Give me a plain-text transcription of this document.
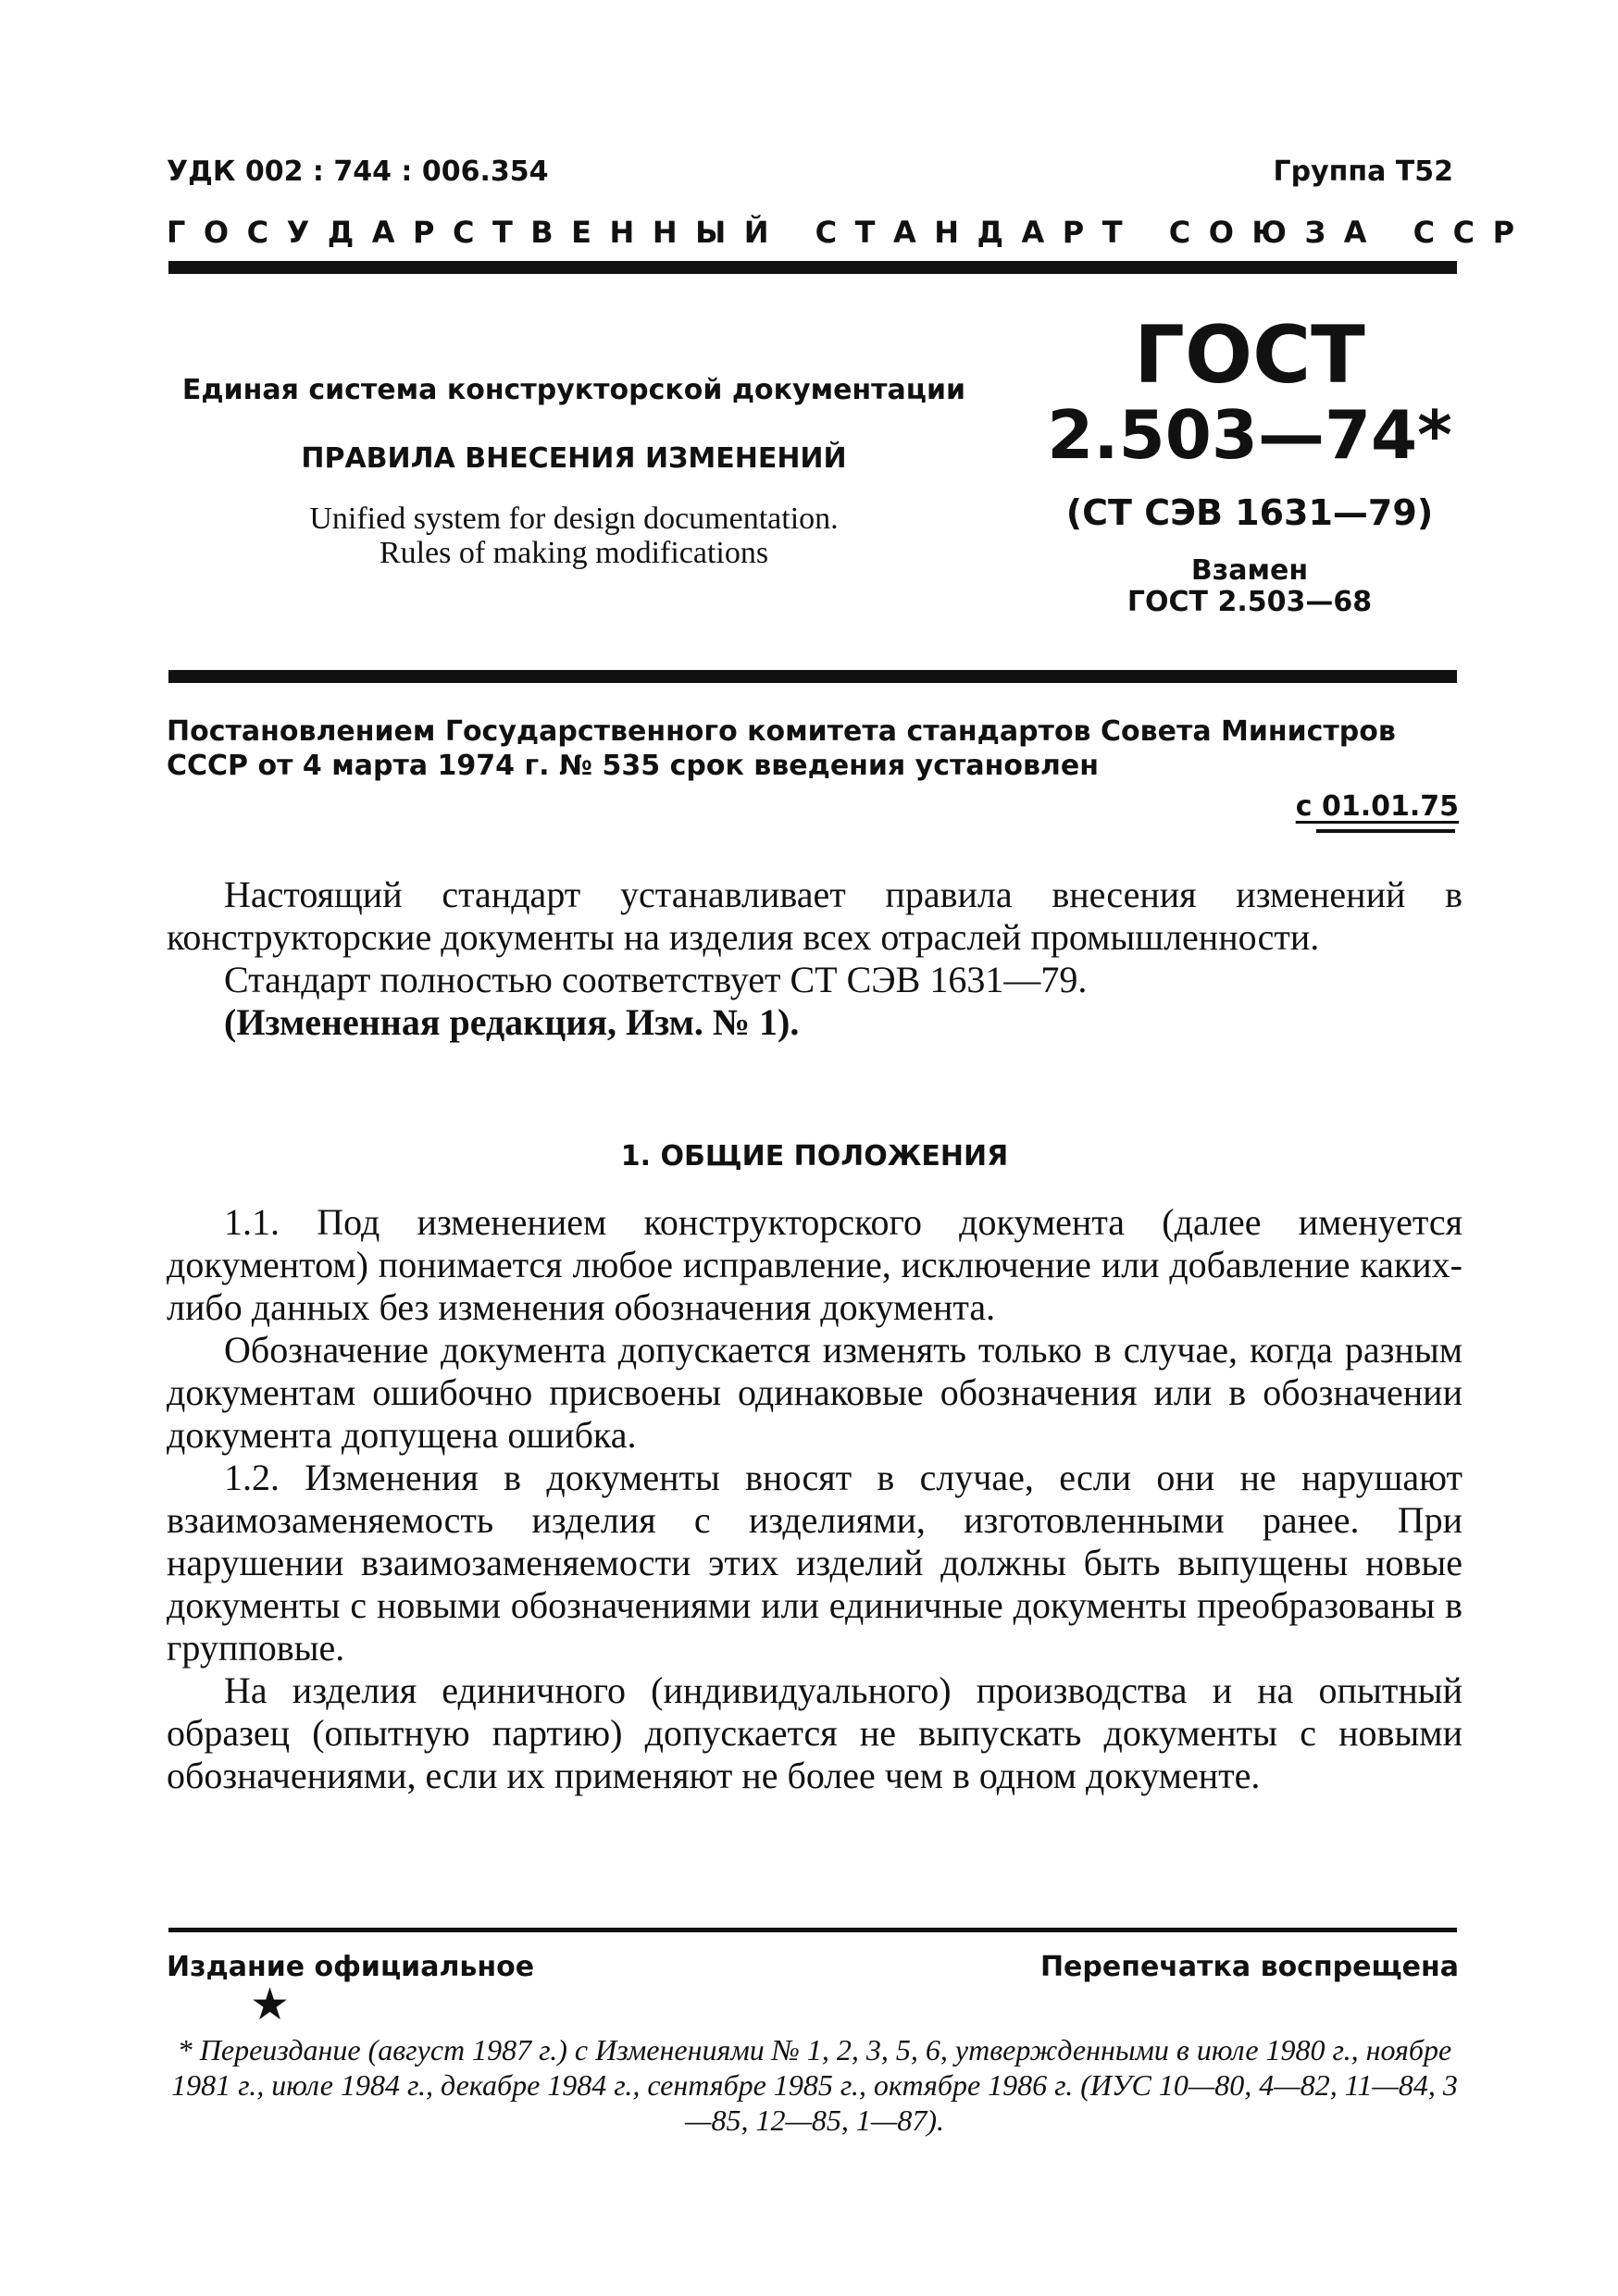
УДК 002 : 744 : 006.354	Группа Т52
ГОСУДАРСТВЕННЫЙ СТАНДАРТ СОЮЗА ССР
Единая система конструкторской документации
ПРАВИЛА ВНЕСЕНИЯ ИЗМЕНЕНИЙ
Unified system for design documentation.
Rules of making modifications
ГОСТ
2.503—74*
(СТ СЭВ 1631—79)
Взамен
ГОСТ 2.503—68
Постановлением Государственного комитета стандартов Совета Министров СССР от 4 марта 1974 г. № 535 срок введения установлен
с 01.01.75

Настоящий стандарт устанавливает правила внесения изменений в конструкторские документы на изделия всех отраслей промышленности.

Стандарт полностью соответствует СТ СЭВ 1631—79.

(Измененная редакция, Изм. № 1).

1. ОБЩИЕ ПОЛОЖЕНИЯ

1.1. Под изменением конструкторского документа (далее именуется документом) понимается любое исправление, исключение или добавление каких-либо данных без изменения обозначения документа.

Обозначение документа допускается изменять только в случае, когда разным документам ошибочно присвоены одинаковые обозначения или в обозначении документа допущена ошибка.

1.2. Изменения в документы вносят в случае, если они не нарушают взаимозаменяемость изделия с изделиями, изготовленными ранее. При нарушении взаимозаменяемости этих изделий должны быть выпущены новые документы с новыми обозначениями или единичные документы преобразованы в групповые.

На изделия единичного (индивидуального) производства и на опытный образец (опытную партию) допускается не выпускать документы с новыми обозначениями, если их применяют не более чем в одном документе.

Издание официальное	Перепечатка воспрещена
★
* Переиздание (август 1987 г.) с Изменениями № 1, 2, 3, 5, 6, утвержденными в июле 1980 г., ноябре 1981 г., июле 1984 г., декабре 1984 г., сентябре 1985 г., октябре 1986 г. (ИУС 10—80, 4—82, 11—84, 3—85, 12—85, 1—87).
